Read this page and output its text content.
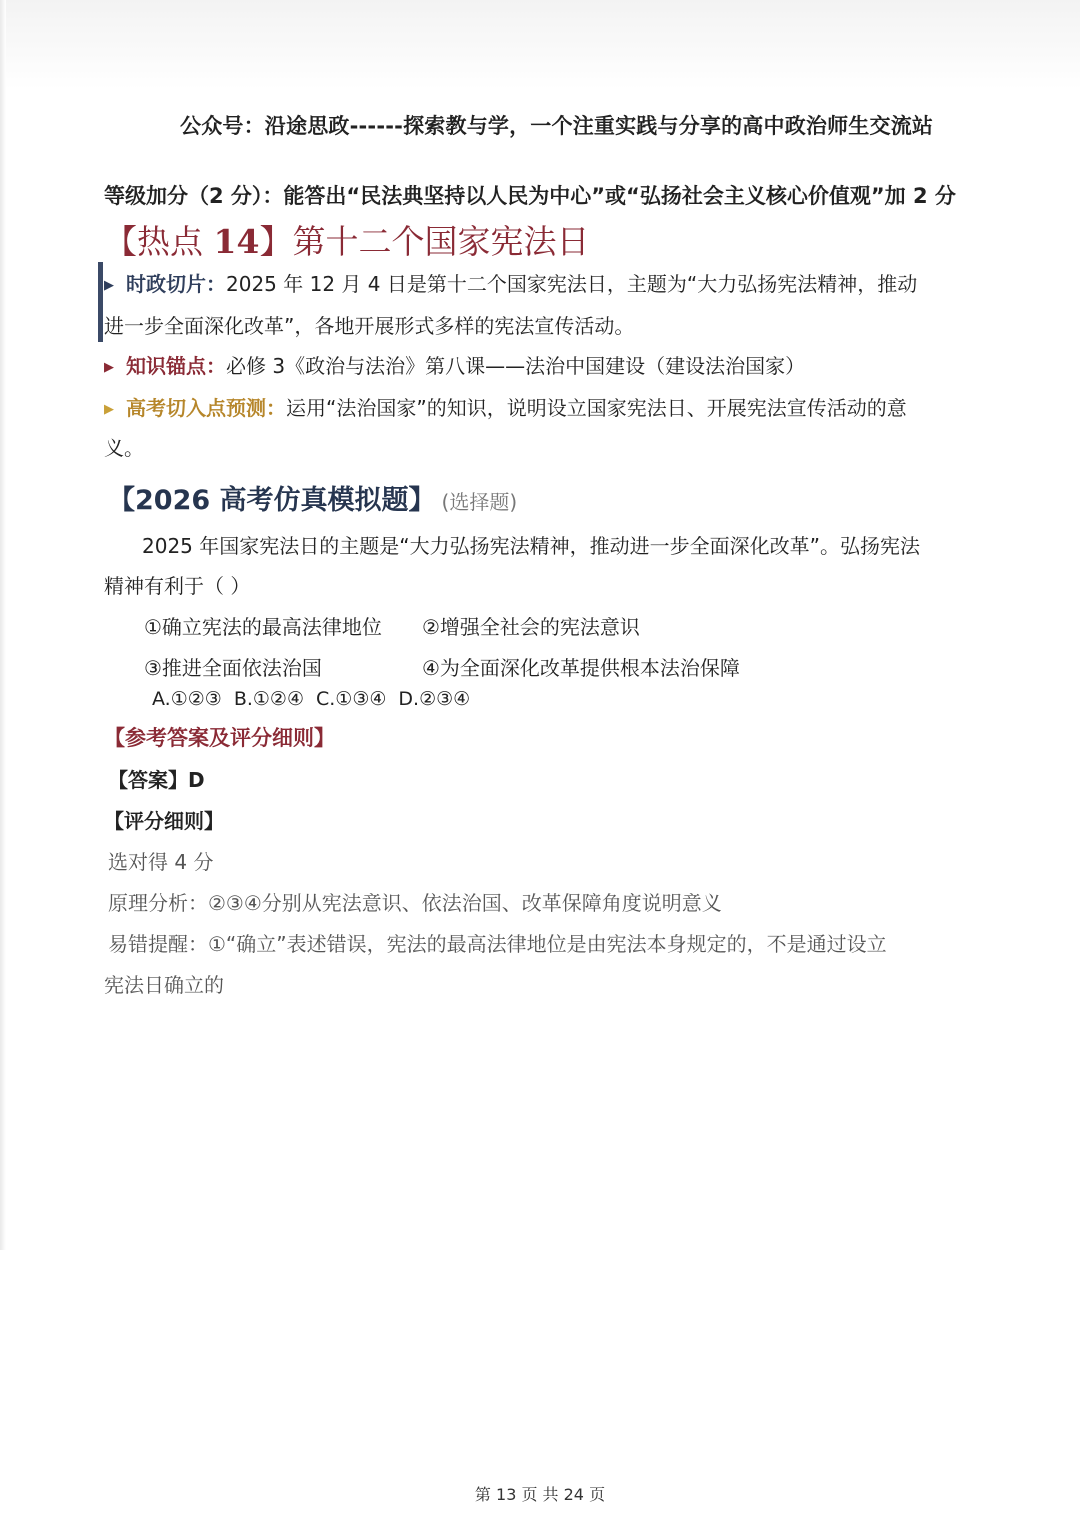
公众号：沿途思政------探索教与学，一个注重实践与分享的高中政治师生交流站
等级加分（2 分）：能答出“民法典坚持以人民为中心”或“弘扬社会主义核心价值观”加 2 分
【热点 14】第十二个国家宪法日
▶ 时政切片：2025 年 12 月 4 日是第十二个国家宪法日，主题为“大力弘扬宪法精神，推动
进一步全面深化改革”，各地开展形式多样的宪法宣传活动。
▶ 知识锚点：必修 3《政治与法治》第八课——法治中国建设（建设法治国家）
▶ 高考切入点预测：运用“法治国家”的知识，说明设立国家宪法日、开展宪法宣传活动的意
义。
【2026 高考仿真模拟题】 (选择题)
2025 年国家宪法日的主题是“大力弘扬宪法精神，推动进一步全面深化改革”。弘扬宪法
精神有利于（ ）
①确立宪法的最高法律地位 ②增强全社会的宪法意识
③推进全面依法治国	④为全面深化改革提供根本法治保障
A.①②③ B.①②④ C.①③④ D.②③④
【参考答案及评分细则】
【答案】D
【评分细则】
选对得 4 分
原理分析：②③④分别从宪法意识、依法治国、改革保障角度说明意义
易错提醒：①“确立”表述错误，宪法的最高法律地位是由宪法本身规定的，不是通过设立
宪法日确立的
第 13 页 共 24 页
